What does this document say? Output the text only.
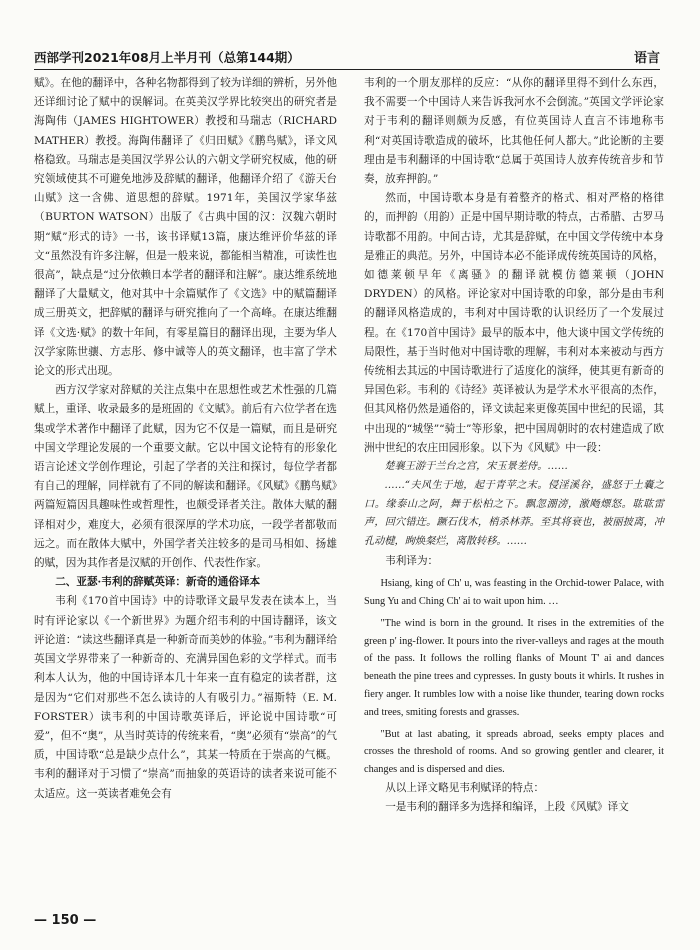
西部学刊2021年08月上半月刊（总第144期）	语言

赋》。在他的翻译中，各种名物都得到了较为详细的辨析，另外他还详细讨论了赋中的误解词。在英美汉学界比较突出的研究者是海陶伟（JAMES HIGHTOWER）教授和马瑞志（RICHARD MATHER）教授。海陶伟翻译了《归田赋》《鹏鸟赋》，译文风格稳致。马瑞志是美国汉学界公认的六朝文学研究权威，他的研究领域使其不可避免地涉及辞赋的翻译，他翻译介绍了《游天台山赋》这一含佛、道思想的辞赋。1971年，美国汉学家华兹（BURTON WATSON）出版了《古典中国的汉：汉魏六朝时期“赋”形式的诗》一书，该书译赋13篇，康达维评价华兹的译文“虽然没有许多注解，但是一般来说，都能相当精准，可读性也很高”，缺点是“过分依赖日本学者的翻译和注解”。康达维系统地翻译了大量赋文，他对其中十余篇赋作了《文选》中的赋篇翻译成三册英文，把辞赋的翻译与研究推向了一个高峰。在康达维翻译《文选·赋》的数十年间，有零星篇目的翻译出现，主要为华人汉学家陈世骧、方志彤、修中诚等人的英文翻译，也丰富了学术论文的形式出现。

西方汉学家对辞赋的关注点集中在思想性或艺术性强的几篇赋上，重译、收录最多的是班固的《文赋》。前后有六位学者在选集或学术著作中翻译了此赋，因为它不仅是一篇赋，而且是研究中国文学理论发展的一个重要文献。它以中国文论特有的形象化语言论述文学创作理论，引起了学者的关注和探讨，每位学者都有自己的理解，同样就有了不同的解读和翻译。《风赋》《鹏鸟赋》两篇短篇因具趣味性或哲理性，也颇受译者关注。散体大赋的翻译相对少，难度大，必须有很深厚的学术功底，一段学者都敬而远之。而在散体大赋中，外国学者关注较多的是司马相如、扬雄的赋，因为其作者是汉赋的开创作、代表性作家。

二、亚瑟·韦利的辞赋英译：新奇的通俗译本

韦利《170首中国诗》中的诗歌译文最早发表在读本上，当时有评论家以《一个新世界》为题介绍韦利的中国诗翻译，该文评论道：“读这些翻译真是一种新奇而美妙的体验。”韦利为翻译给英国文学界带来了一种新奇的、充满异国色彩的文学样式。而韦利本人认为，他的中国诗译本几十年来一直有稳定的读者群，这是因为“它们对那些不怎么读诗的人有吸引力。”福斯特（E. M. FORSTER）读韦利的中国诗歌英译后，评论说中国诗歌“可爱”，但不“奥”，从当时英诗的传统来看，“奥”必须有“崇高”的气质，中国诗歌“总是缺少点什么”，其某一特质在于崇高的气概。韦利的翻译对于习惯了“崇高”而抽象的英语诗的读者来说可能不太适应。这一英读者难免会有

韦利的一个朋友那样的反应：“从你的翻译里得不到什么东西，我不需要一个中国诗人来告诉我河水不会倒流。”英国文学评论家对于韦利的翻译则颇为反感，有位英国诗人直言不讳地称韦利“对英国诗歌造成的破坏，比其他任何人都大。”此论断的主要理由是韦利翻译的中国诗歌“总属于英国诗人放弃传统音步和节奏，放弃押韵。”

然而，中国诗歌本身是有着整齐的格式、相对严格的格律的，而押韵（用韵）正是中国早期诗歌的特点，古希腊、古罗马诗歌都不用韵。中间古诗，尤其是辞赋，在中国文学传统中本身是雅正的典范。另外，中国诗本必不能译成传统英国诗的风格，如德莱顿早年《离骚》的翻译就模仿德莱顿（JOHN DRYDEN）的风格。评论家对中国诗歌的印象，部分是由韦利的翻译风格造成的，韦利对中国诗歌的认识经历了一个发展过程。在《170首中国诗》最早的版本中，他大谈中国文学传统的局限性，基于当时他对中国诗歌的理解，韦利对本来被动与西方传统相去其远的中国诗歌进行了适度化的演绎，使其更有新奇的异国色彩。韦利的《诗经》英译被认为是学术水平很高的杰作，但其风格仍然是通俗的，译文读起来更像英国中世纪的民谣，其中出现的“城堡”“骑士”等形象，把中国周朝时的农村建造成了欧洲中世纪的农庄田园形象。以下为《风赋》中一段：

楚襄王游于兰台之宫，宋玉景差侍。……

……“夫风生于地，起于青苹之末。侵淫溪谷，盛怒于土囊之口。缘泰山之阿，舞于松柏之下。飘忽淜滂，激飏熛怒。耾耾雷声，回穴错迕。蹶石伐木，梢杀林莽。至其将衰也，被丽披离，冲孔动楗，眴焕粲烂，离散转移。……

韦利译为：

Hsiang, king of Ch' u, was feasting in the Orchid-tower Palace, with Sung Yu and Ching Ch' ai to wait upon him. …

"The wind is born in the ground. It rises in the extremities of the green p' ing-flower. It pours into the river-valleys and rages at the mouth of the pass. It follows the rolling flanks of Mount T' ai and dances beneath the pine trees and cypresses. In gusty bouts it whirls. It rushes in fiery anger. It rumbles low with a noise like thunder, tearing down rocks and trees, smiting forests and grasses.

"But at last abating, it spreads abroad, seeks empty places and crosses the threshold of rooms. And so growing gentler and clearer, it changes and is dispersed and dies.

从以上译文略见韦利赋译的特点：

一是韦利的翻译多为选择和编译，上段《风赋》译文

— 150 —
